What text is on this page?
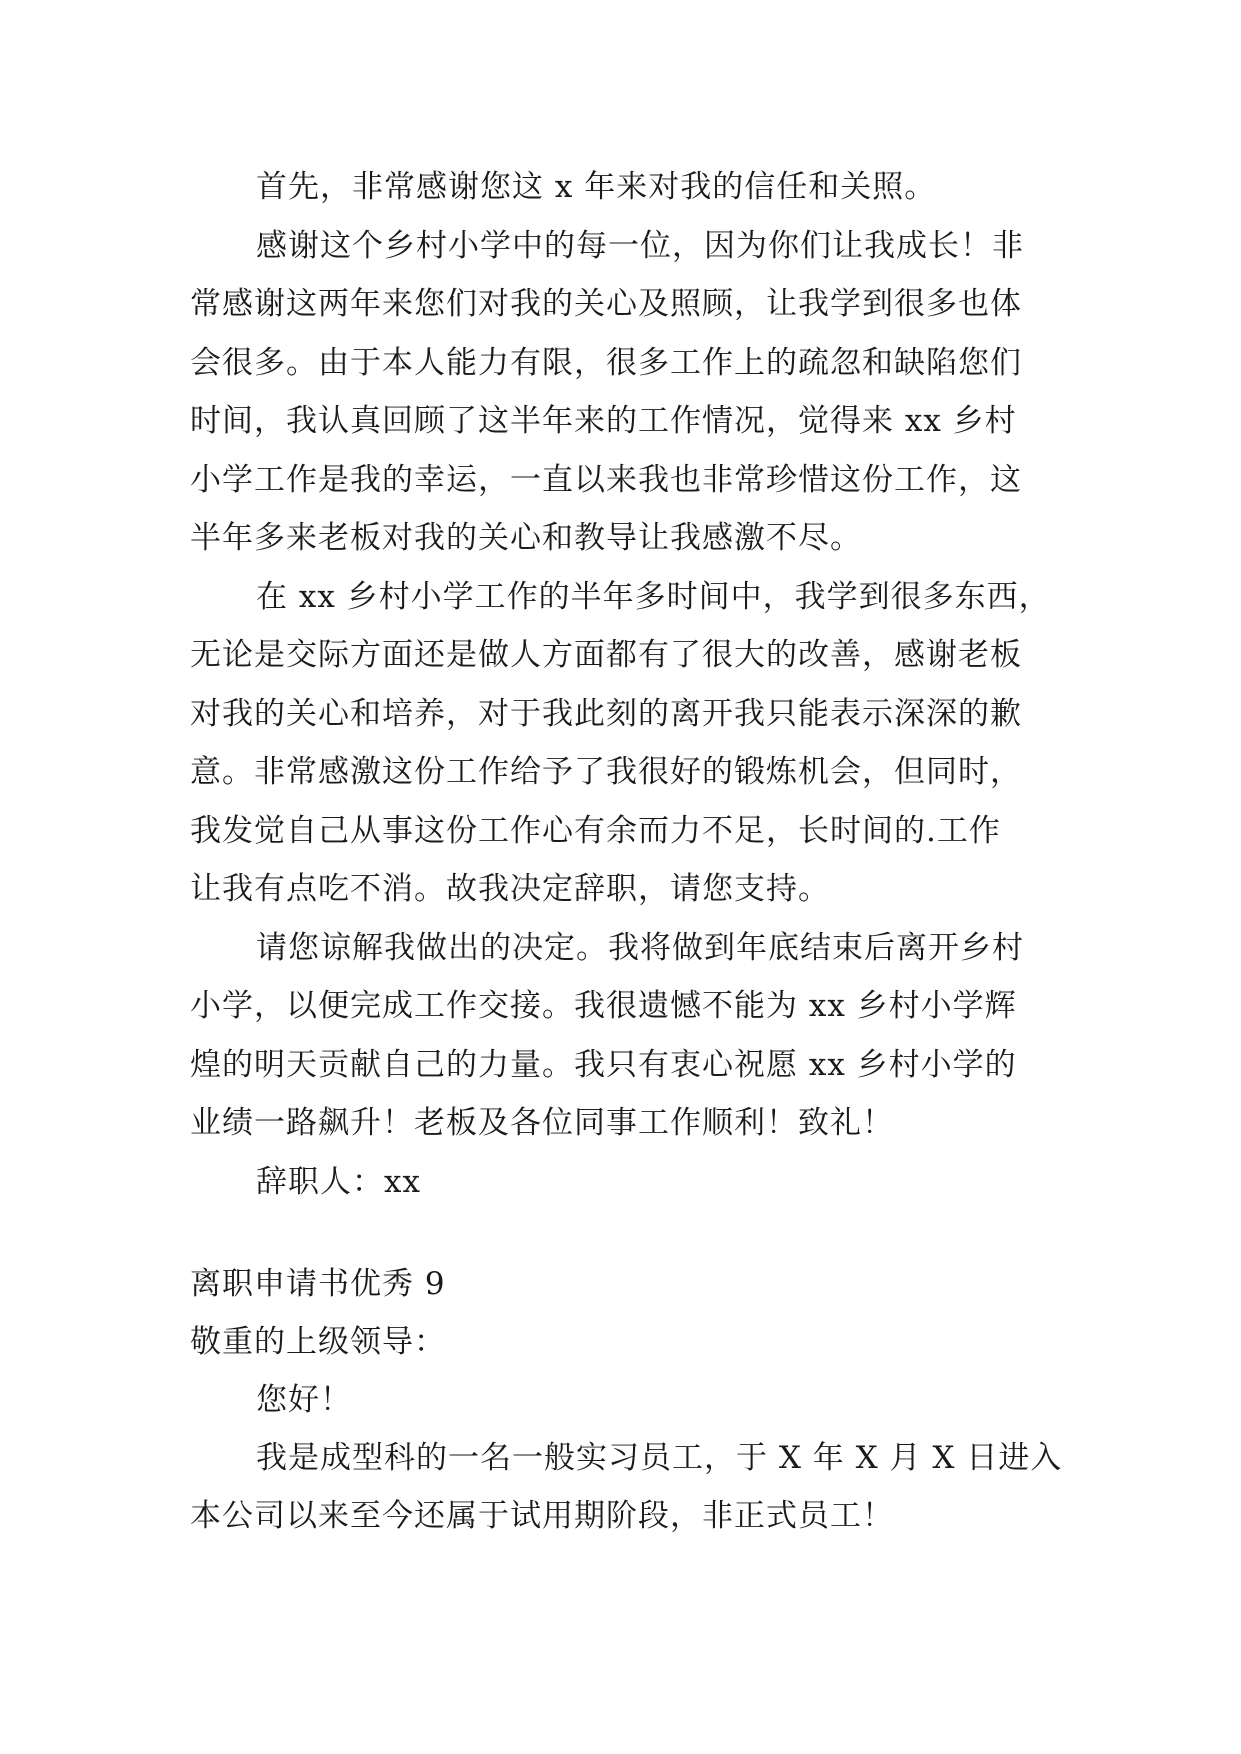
首先，非常感谢您这 x 年来对我的信任和关照。
感谢这个乡村小学中的每一位，因为你们让我成长！非
常感谢这两年来您们对我的关心及照顾，让我学到很多也体
会很多。由于本人能力有限，很多工作上的疏忽和缺陷您们
时间，我认真回顾了这半年来的工作情况，觉得来 xx 乡村
小学工作是我的幸运，一直以来我也非常珍惜这份工作，这
半年多来老板对我的关心和教导让我感激不尽。
在 xx 乡村小学工作的半年多时间中，我学到很多东西，
无论是交际方面还是做人方面都有了很大的改善，感谢老板
对我的关心和培养，对于我此刻的离开我只能表示深深的歉
意。非常感激这份工作给予了我很好的锻炼机会，但同时，
我发觉自己从事这份工作心有余而力不足，长时间的.工作
让我有点吃不消。故我决定辞职，请您支持。
请您谅解我做出的决定。我将做到年底结束后离开乡村
小学，以便完成工作交接。我很遗憾不能为 xx 乡村小学辉
煌的明天贡献自己的力量。我只有衷心祝愿 xx 乡村小学的
业绩一路飙升！老板及各位同事工作顺利！致礼！
辞职人：xx
离职申请书优秀 9
敬重的上级领导：
您好！
我是成型科的一名一般实习员工，于 X 年 X 月 X 日进入
本公司以来至今还属于试用期阶段，非正式员工！
